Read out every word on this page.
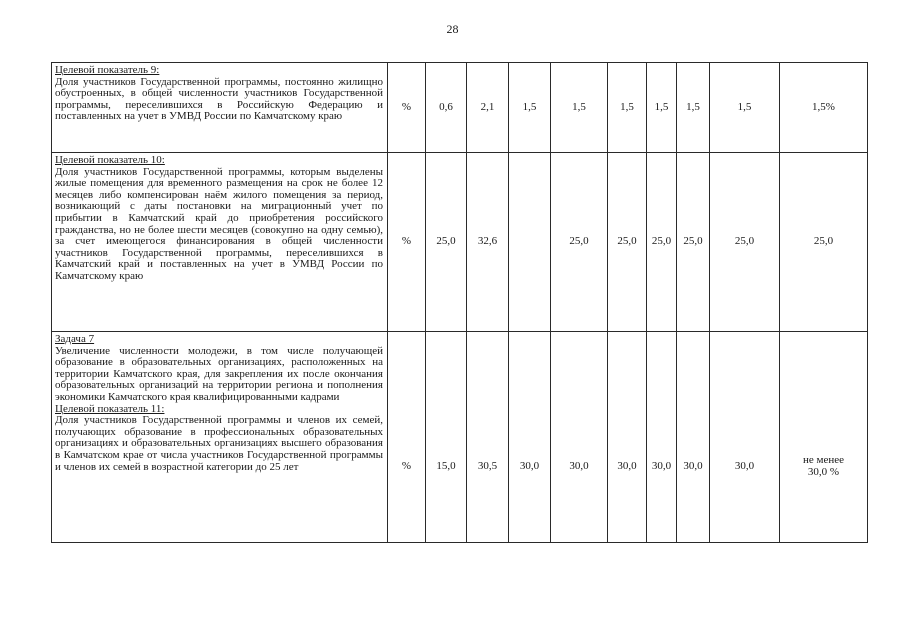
28
Целевой показатель 9:
Доля участников Государственной программы, постоянно жилищно обустроенных, в общей численности участников Государственной программы, переселившихся в Российскую Федерацию и поставленных на учет в УМВД России по Камчатскому краю	%	0,6	2,1	1,5	1,5	1,5	1,5	1,5	1,5	1,5%

Целевой показатель 10:
Доля участников Государственной программы, которым выделены жилые помещения для временного размещения на срок не более 12 месяцев либо компенсирован наём жилого помещения за период, возникающий с даты постановки на миграционный учет по прибытии в Камчатский край до приобретения российского гражданства, но не более шести месяцев (совокупно на одну семью), за счет имеющегося финансирования в общей численности участников Государственной программы, переселившихся в Камчатский край и поставленных на учет в УМВД России по Камчатскому краю	%	25,0	32,6		25,0	25,0	25,0	25,0	25,0	25,0

Задача 7
Увеличение численности молодежи, в том числе получающей образование в образовательных организациях, расположенных на территории Камчатского края, для закрепления их после окончания образовательных организаций на территории региона и пополнения экономики Камчатского края квалифицированными кадрами
Целевой показатель 11:
Доля участников Государственной программы и членов их семей, получающих образование в профессиональных образовательных организациях и образовательных организациях высшего образования в Камчатском крае от числа участников Государственной программы и членов их семей в возрастной категории до 25 лет	%	15,0	30,5	30,0	30,0	30,0	30,0	30,0	30,0	не менее
30,0 %
